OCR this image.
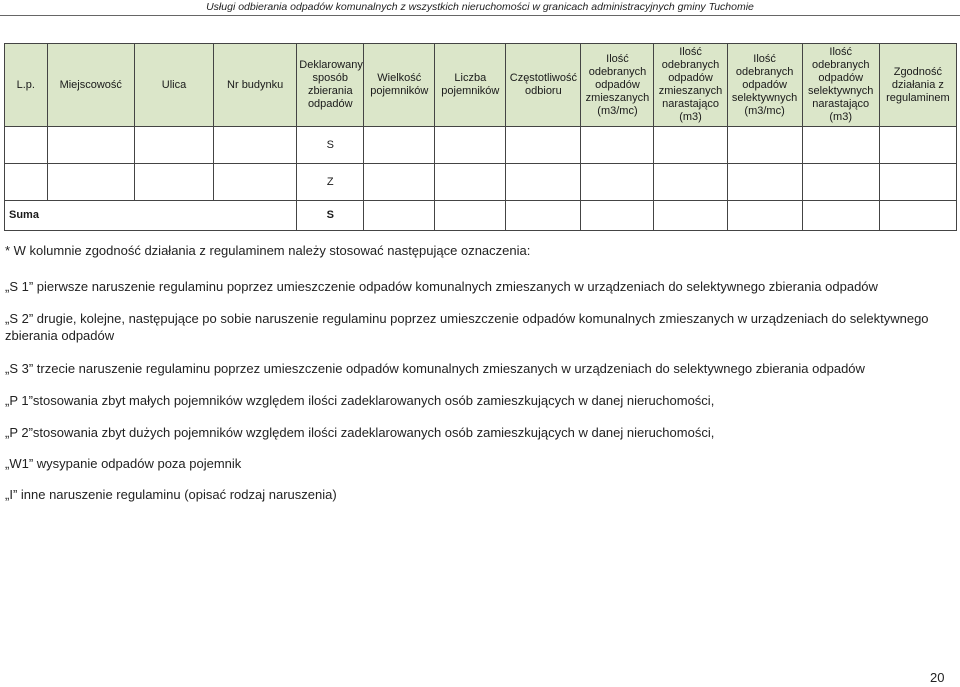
Usługi odbierania odpadów komunalnych z wszystkich nieruchomości w granicach administracyjnych gminy Tuchomie
L.p.	Miejscowość	Ulica	Nr budynku	Deklarowany sposób zbierania odpadów	Wielkość pojemników	Liczba pojemników	Częstotliwość odbioru	Ilość odebranych odpadów zmieszanych (m3/mc)	Ilość odebranych odpadów zmieszanych narastająco (m3)	Ilość odebranych odpadów selektywnych (m3/mc)	Ilość odebranych odpadów selektywnych narastająco (m3)	Zgodność działania z regulaminem
				S								
				Z								
Suma				S								
* W kolumnie zgodność działania z regulaminem należy stosować następujące oznaczenia:
„S 1” pierwsze naruszenie regulaminu poprzez umieszczenie odpadów komunalnych zmieszanych w urządzeniach do selektywnego zbierania odpadów
„S 2” drugie, kolejne, następujące po sobie naruszenie regulaminu poprzez umieszczenie odpadów komunalnych zmieszanych w urządzeniach do selektywnego zbierania odpadów
„S 3” trzecie naruszenie regulaminu poprzez umieszczenie odpadów komunalnych zmieszanych w urządzeniach do selektywnego zbierania odpadów
„P 1”stosowania zbyt małych pojemników względem ilości zadeklarowanych osób zamieszkujących w danej nieruchomości,
„P 2”stosowania zbyt dużych pojemników względem ilości zadeklarowanych osób zamieszkujących w danej nieruchomości,
„W1” wysypanie odpadów poza pojemnik
„I” inne naruszenie regulaminu (opisać rodzaj naruszenia)
20
